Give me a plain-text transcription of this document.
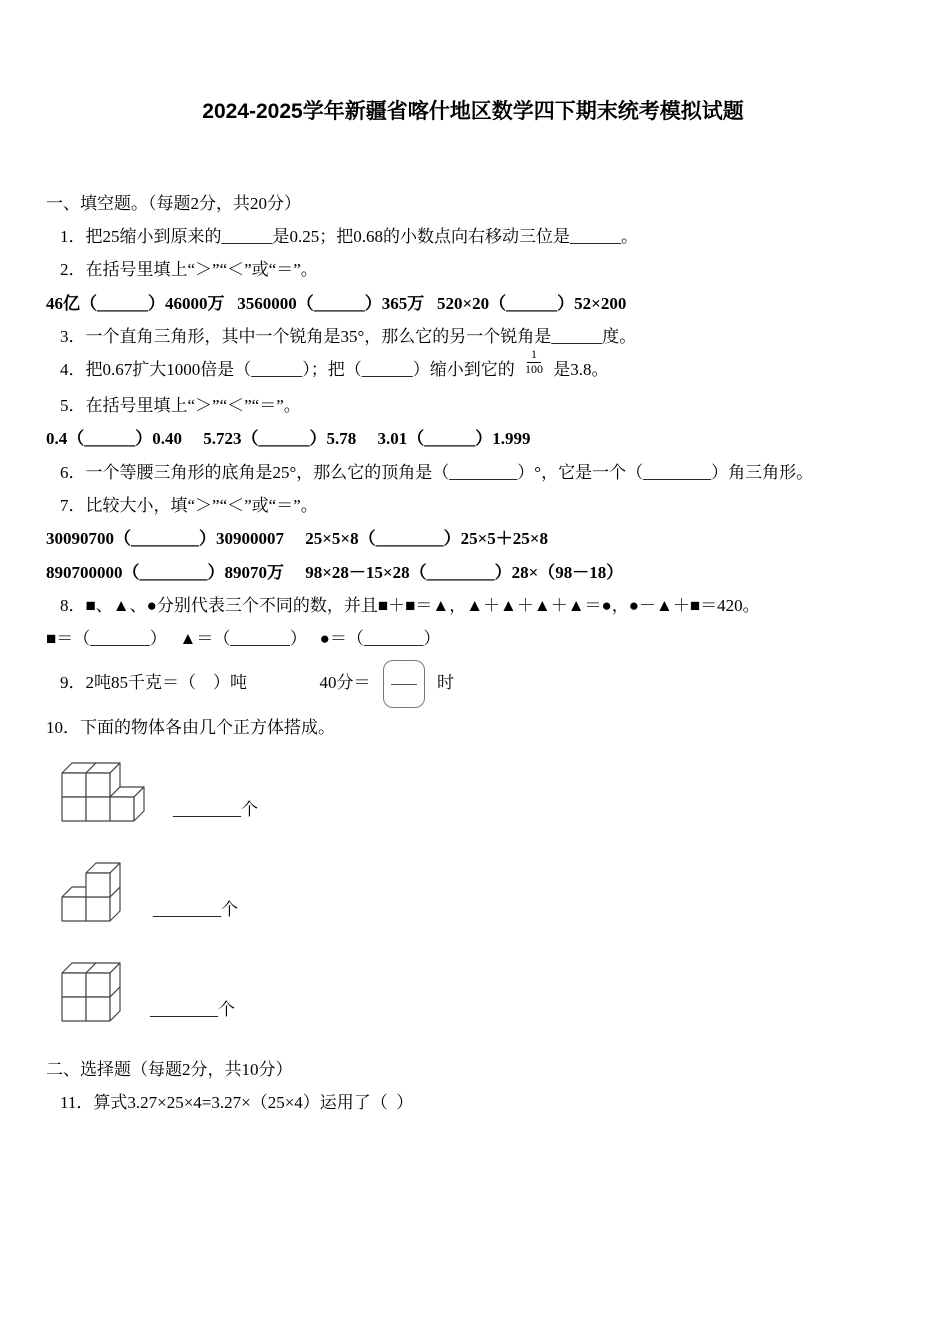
2024-2025学年新疆省喀什地区数学四下期末统考模拟试题

一、填空题。（每题2分，共20分）

1．把25缩小到原来的______是0.25；把0.68的小数点向右移动三位是______。

2．在括号里填上“＞”“＜”或“＝”。

46亿（______）46000万   3560000（______）365万   520×20（______）52×200

3．一个直角三角形，其中一个锐角是35°，那么它的另一个锐角是______度。

4．把0.67扩大1000倍是（______）；把（______）缩小到它的 $\frac{1}{100}$ 是3.8。

5．在括号里填上“＞”“＜”“＝”。

0.4（______）0.40     5.723（______）5.78     3.01（______）1.999

6．一个等腰三角形的底角是25°，那么它的顶角是（________）°，它是一个（________）角三角形。

7．比较大小，填“＞”“＜”或“＝”。

30090700（________）30900007     25×5×8（________）25×5＋25×8

890700000（________）89070万     98×28－15×28（________）28×（98－18）

8．■、▲、●分别代表三个不同的数，并且■＋■＝▲，▲＋▲＋▲＋▲＝●，●－▲＋■＝420。

■＝（_______）   ▲＝（_______）   ●＝（_______）

9．2吨85千克＝（    ）吨	40分＝	时

10．下面的物体各由几个正方体搭成。

________个
________个
________个

二、选择题（每题2分，共10分）

11．算式3.27×25×4=3.27×（25×4）运用了（  ）
